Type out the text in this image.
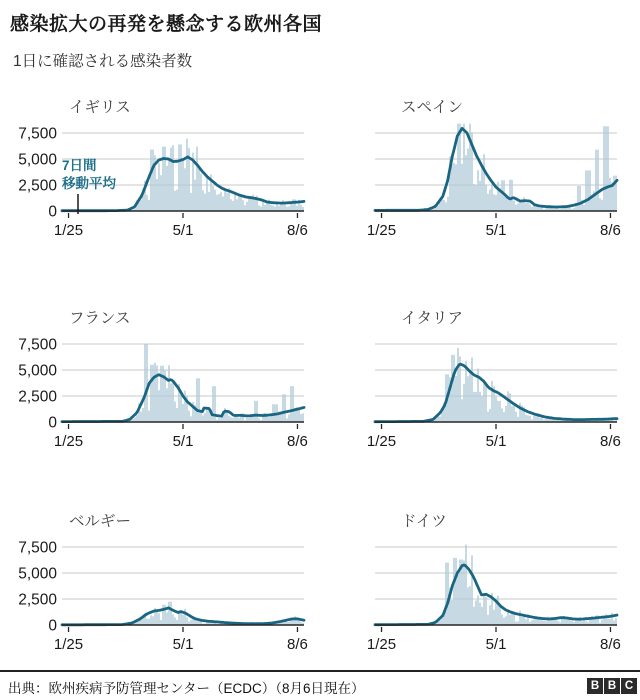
感染拡大の再発を懸念する欧州各国
1日に確認される感染者数
0
2,500
5,000
7,500
1/25	5/1	8/6
イギリス
7日間
移動平均
1/25	5/1	8/6
スペイン
0
2,500
5,000
7,500
1/25	5/1	8/6
フランス
1/25	5/1	8/6
イタリア
0
2,500
5,000
7,500
1/25	5/1	8/6
ベルギー
1/25	5/1	8/6
ドイツ
出典：欧州疾病予防管理センター（ECDC）（8月6日現在）	B B C
